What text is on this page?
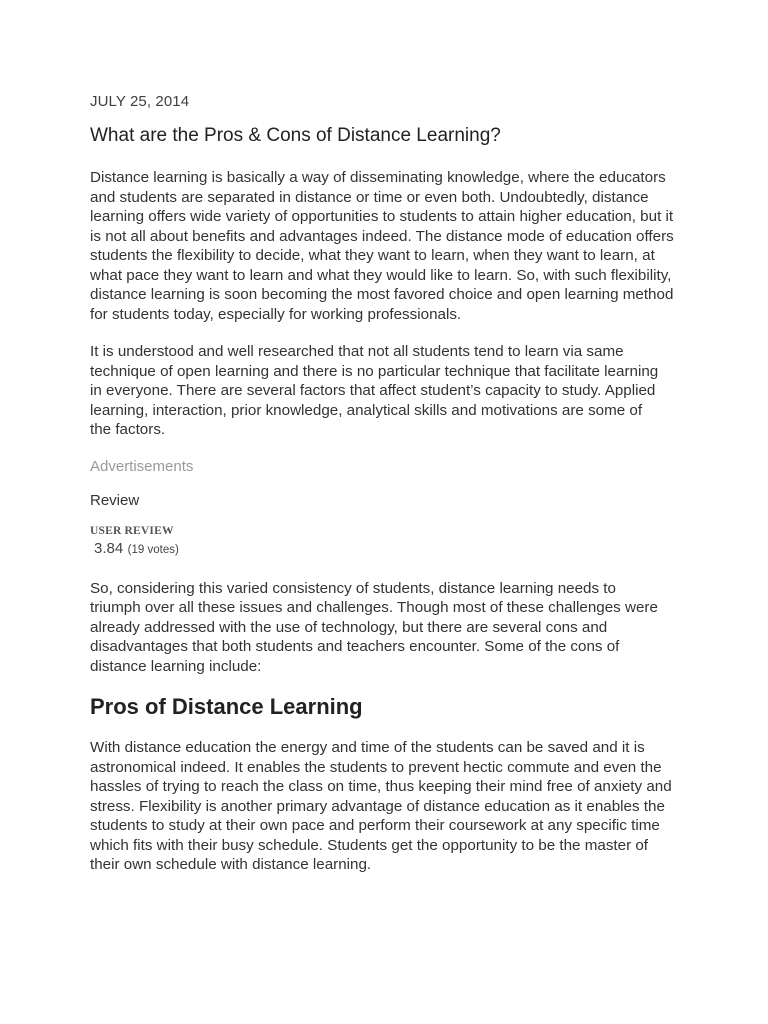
JULY 25, 2014
What are the Pros & Cons of Distance Learning?

Distance learning is basically a way of disseminating knowledge, where the educators and students are separated in distance or time or even both. Undoubtedly, distance learning offers wide variety of opportunities to students to attain higher education, but it is not all about benefits and advantages indeed. The distance mode of education offers students the flexibility to decide, what they want to learn, when they want to learn, at what pace they want to learn and what they would like to learn. So, with such flexibility, distance learning is soon becoming the most favored choice and open learning method for students today, especially for working professionals.

It is understood and well researched that not all students tend to learn via same technique of open learning and there is no particular technique that facilitate learning in everyone. There are several factors that affect student’s capacity to study. Applied learning, interaction, prior knowledge, analytical skills and motivations are some of the factors.

Advertisements
Review
USER REVIEW
3.84 (19 votes)

So, considering this varied consistency of students, distance learning needs to triumph over all these issues and challenges. Though most of these challenges were already addressed with the use of technology, but there are several cons and disadvantages that both students and teachers encounter. Some of the cons of distance learning include:

Pros of Distance Learning

With distance education the energy and time of the students can be saved and it is astronomical indeed. It enables the students to prevent hectic commute and even the hassles of trying to reach the class on time, thus keeping their mind free of anxiety and stress. Flexibility is another primary advantage of distance education as it enables the students to study at their own pace and perform their coursework at any specific time which fits with their busy schedule. Students get the opportunity to be the master of their own schedule with distance learning.
